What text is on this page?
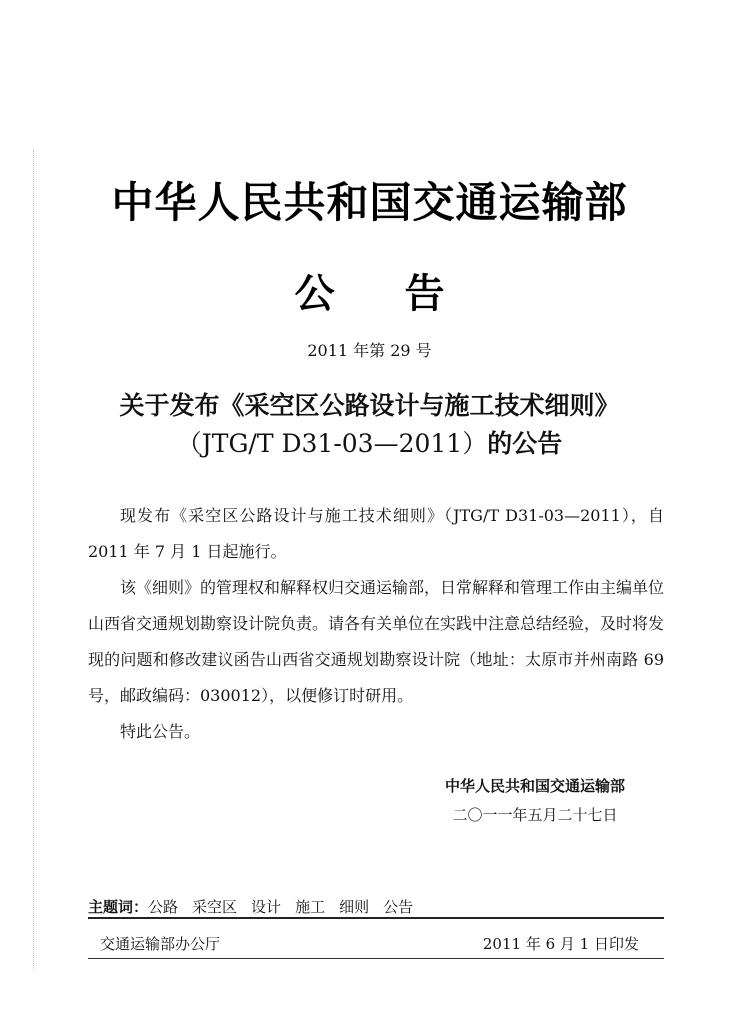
中华人民共和国交通运输部
公告
2011 年第 29 号
关于发布《采空区公路设计与施工技术细则》
（JTG/T D31-03—2011）的公告

现发布《采空区公路设计与施工技术细则》（JTG/T D31-03—2011），自 2011 年 7 月 1 日起施行。

该《细则》的管理权和解释权归交通运输部，日常解释和管理工作由主编单位山西省交通规划勘察设计院负责。请各有关单位在实践中注意总结经验，及时将发现的问题和修改建议函告山西省交通规划勘察设计院（地址：太原市并州南路 69 号，邮政编码：030012），以便修订时研用。

特此公告。

中华人民共和国交通运输部
二〇一一年五月二十七日
主题词：公路 采空区 设计 施工 细则 公告
交通运输部办公厅	2011 年 6 月 1 日印发
